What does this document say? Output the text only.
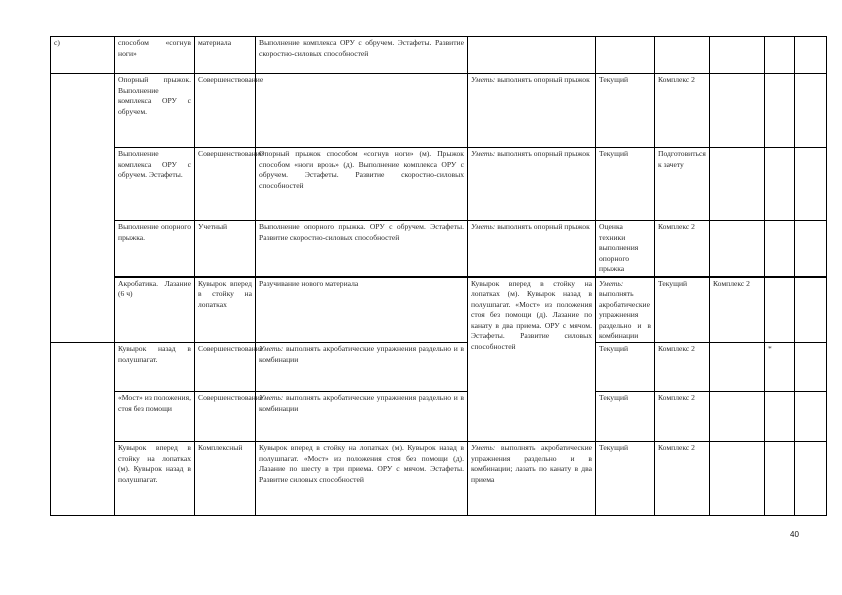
с)	способом «согнув ноги»	материала	Выполнение комплекса ОРУ с обручем. Эстафеты. Развитие скоростно-силовых способностей							
	Опорный прыжок. Выполнение комплекса ОРУ с обручем.	Совершенствование		Уметь: выполнять опорный прыжок	Текущий	Комплекс 2				
	Выполнение комплекса ОРУ с обручем. Эстафеты.	Совершенствование	Опорный прыжок способом «согнув ноги» (м). Прыжок способом «ноги врозь» (д). Выполнение комплекса ОРУ с обручем. Эстафеты. Развитие скоростно-силовых способностей	Уметь: выполнять опорный прыжок	Текущий	Подготовиться к зачету				
	Выполнение опорного прыжка.	Учетный	Выполнение опорного прыжка. ОРУ с обручем. Эстафеты. Развитие скоростно-силовых способностей	Уметь: выполнять опорный прыжок	Оценка техники выполнения опорного прыжка	Комплекс 2				
	Акробатика. Лазание (6 ч)	Кувырок вперед в стойку на лопатках	Разучивание нового материала	Кувырок вперед в стойку на лопатках (м). Кувырок назад в полушпагат. «Мост» из положения стоя без помощи (д). Лазание по канату в два приема. ОРУ с мячом. Эстафеты. Развитие силовых способностей	Уметь: выполнять акробатические упражнения раздельно и в комбинации	Текущий	Комплекс 2			
	Кувырок назад в полушпагат.	Совершенствование	Уметь: выполнять акробатические упражнения раздельно и в комбинации		Текущий	Комплекс 2		*		
	«Мост» из положения, стоя без помощи	Совершенствование	Уметь: выполнять акробатические упражнения раздельно и в комбинации		Текущий	Комплекс 2				
	Кувырок вперед в стойку на лопатках (м). Кувырок назад в полушпагат.	Комплексный	Кувырок вперед в стойку на лопатках (м). Кувырок назад в полушпагат. «Мост» из положения стоя без помощи (д). Лазание по шесту в три приема. ОРУ с мячом. Эстафеты. Развитие силовых способностей	Уметь: выполнять акробатические упражнения раздельно и в комбинации; лазать по канату в два приема	Текущий	Комплекс 2				
40
